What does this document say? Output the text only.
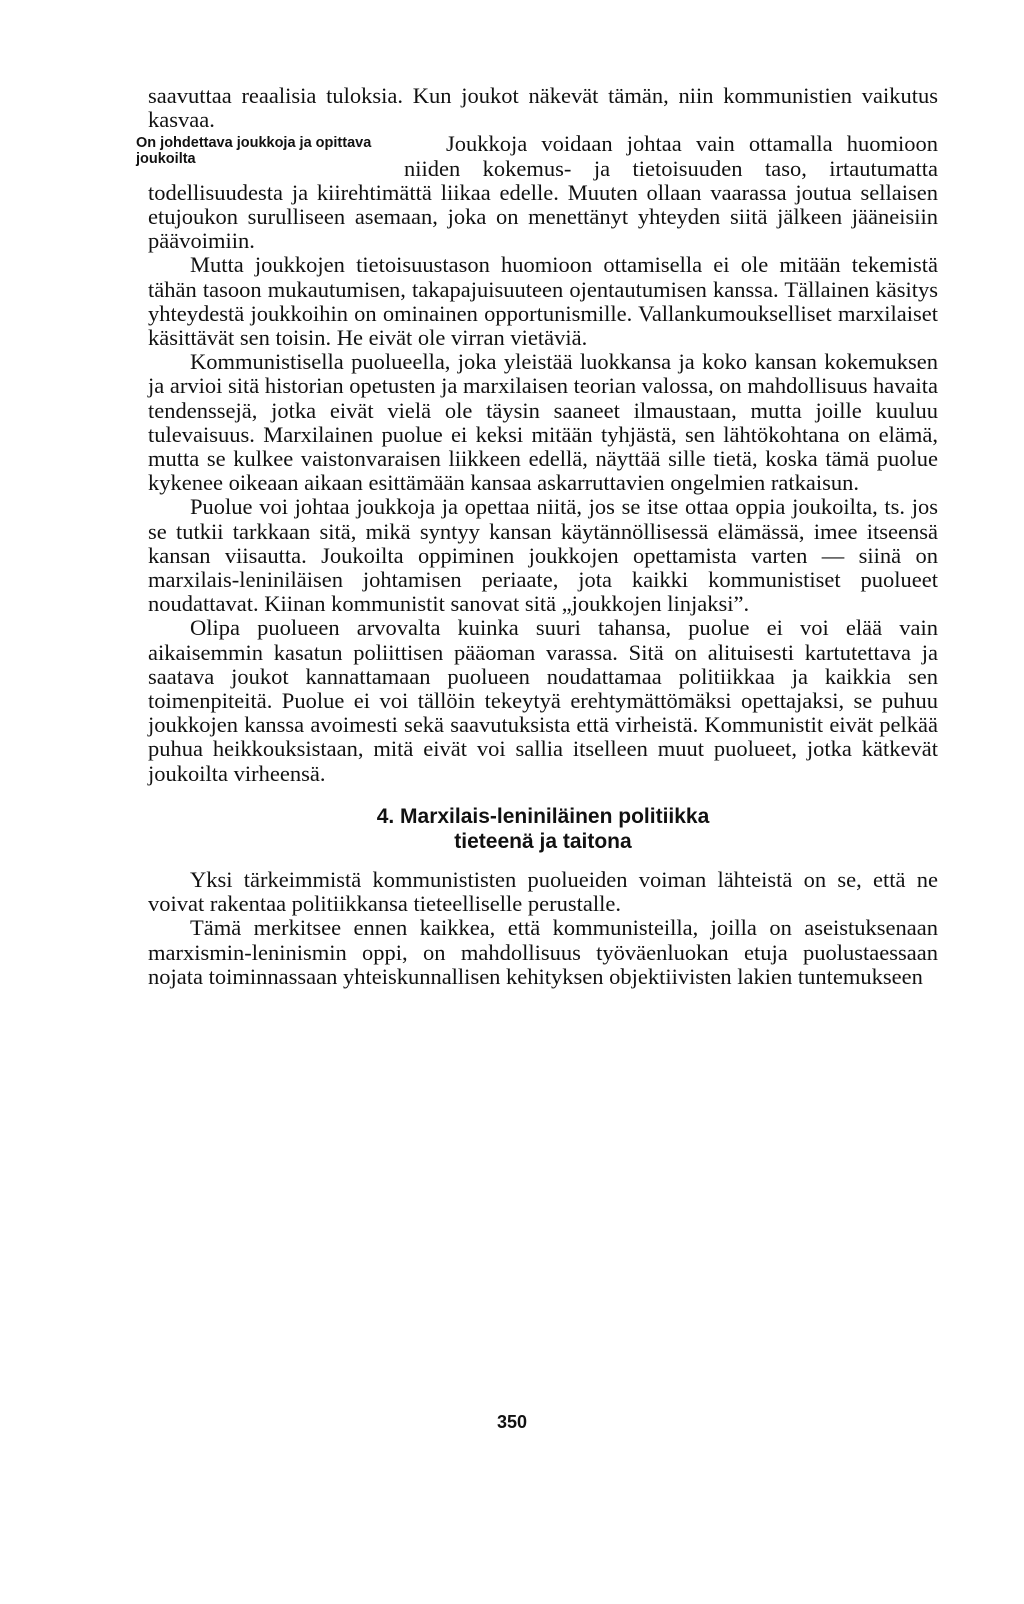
saavuttaa reaalisia tuloksia. Kun joukot näkevät tämän, niin kommunistien vaikutus kasvaa.

On johdettava joukkoja ja opittava joukoilta
Joukkoja voidaan johtaa vain ottamalla huomioon niiden kokemus- ja tietoisuuden taso, irtautumatta todellisuudesta ja kiirehtimättä liikaa edelle. Muuten ollaan vaarassa joutua sellaisen etujoukon surulliseen asemaan, joka on menettänyt yhteyden siitä jälkeen jääneisiin päävoimiin.

Mutta joukkojen tietoisuustason huomioon ottamisella ei ole mitään tekemistä tähän tasoon mukautumisen, takapajuisuuteen ojentautumisen kanssa. Tällainen käsitys yhteydestä joukkoihin on ominainen opportunismille. Vallankumoukselliset marxilaiset käsittävät sen toisin. He eivät ole virran vietäviä.

Kommunistisella puolueella, joka yleistää luokkansa ja koko kansan kokemuksen ja arvioi sitä historian opetusten ja marxilaisen teorian valossa, on mahdollisuus havaita tendenssejä, jotka eivät vielä ole täysin saaneet ilmaustaan, mutta joille kuuluu tulevaisuus. Marxilainen puolue ei keksi mitään tyhjästä, sen lähtökohtana on elämä, mutta se kulkee vaistonvaraisen liikkeen edellä, näyttää sille tietä, koska tämä puolue kykenee oikeaan aikaan esittämään kansaa askarruttavien ongelmien ratkaisun.

Puolue voi johtaa joukkoja ja opettaa niitä, jos se itse ottaa oppia joukoilta, ts. jos se tutkii tarkkaan sitä, mikä syntyy kansan käytännöllisessä elämässä, imee itseensä kansan viisautta. Joukoilta oppiminen joukkojen opettamista varten — siinä on marxilais-leniniläisen johtamisen periaate, jota kaikki kommunistiset puolueet noudattavat. Kiinan kommunistit sanovat sitä „joukkojen linjaksi”.

Olipa puolueen arvovalta kuinka suuri tahansa, puolue ei voi elää vain aikaisemmin kasatun poliittisen pääoman varassa. Sitä on alituisesti kartutettava ja saatava joukot kannattamaan puolueen noudattamaa politiikkaa ja kaikkia sen toimenpiteitä. Puolue ei voi tällöin tekeytyä erehtymättömäksi opettajaksi, se puhuu joukkojen kanssa avoimesti sekä saavutuksista että virheistä. Kommunistit eivät pelkää puhua heikkouksistaan, mitä eivät voi sallia itselleen muut puolueet, jotka kätkevät joukoilta virheensä.

4. Marxilais-leniniläinen politiikka
tieteenä ja taitona

Yksi tärkeimmistä kommunististen puolueiden voiman lähteistä on se, että ne voivat rakentaa politiikkansa tieteelliselle perustalle.

Tämä merkitsee ennen kaikkea, että kommunisteilla, joilla on aseistuksenaan marxismin-leninismin oppi, on mahdollisuus työväenluokan etuja puolustaessaan nojata toiminnassaan yhteiskunnallisen kehityksen objektiivisten lakien tuntemukseen

350
